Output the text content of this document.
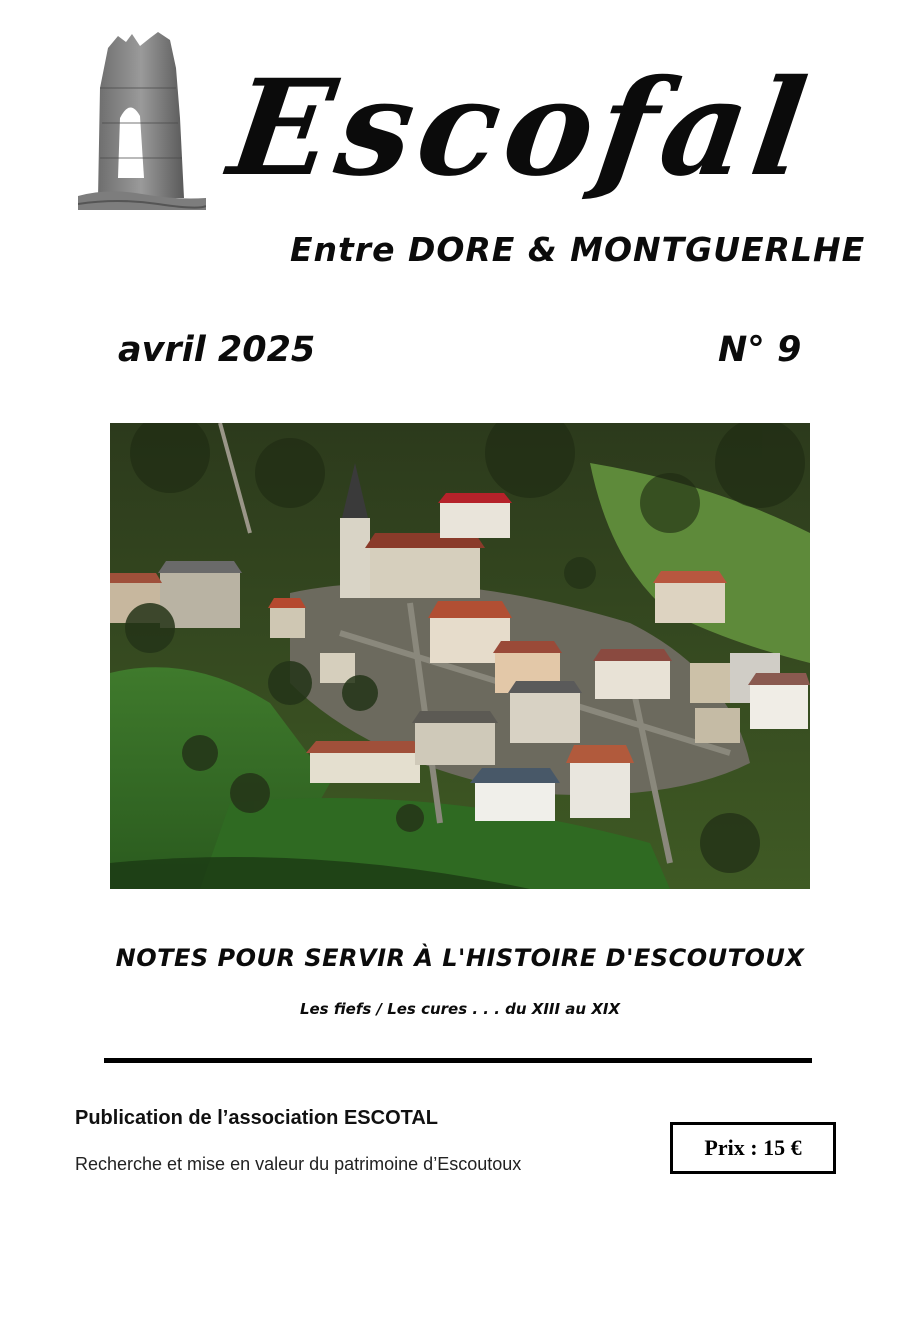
Escofal
Entre DORE & MONTGUERLHE
avril 2025	N° 9
NOTES POUR SERVIR À L'HISTOIRE D'ESCOUTOUX
Les fiefs / Les cures . . . du XIII au XIX
Publication de l’association ESCOTAL
Recherche et mise en valeur du patrimoine d’Escoutoux
Prix : 15 €
